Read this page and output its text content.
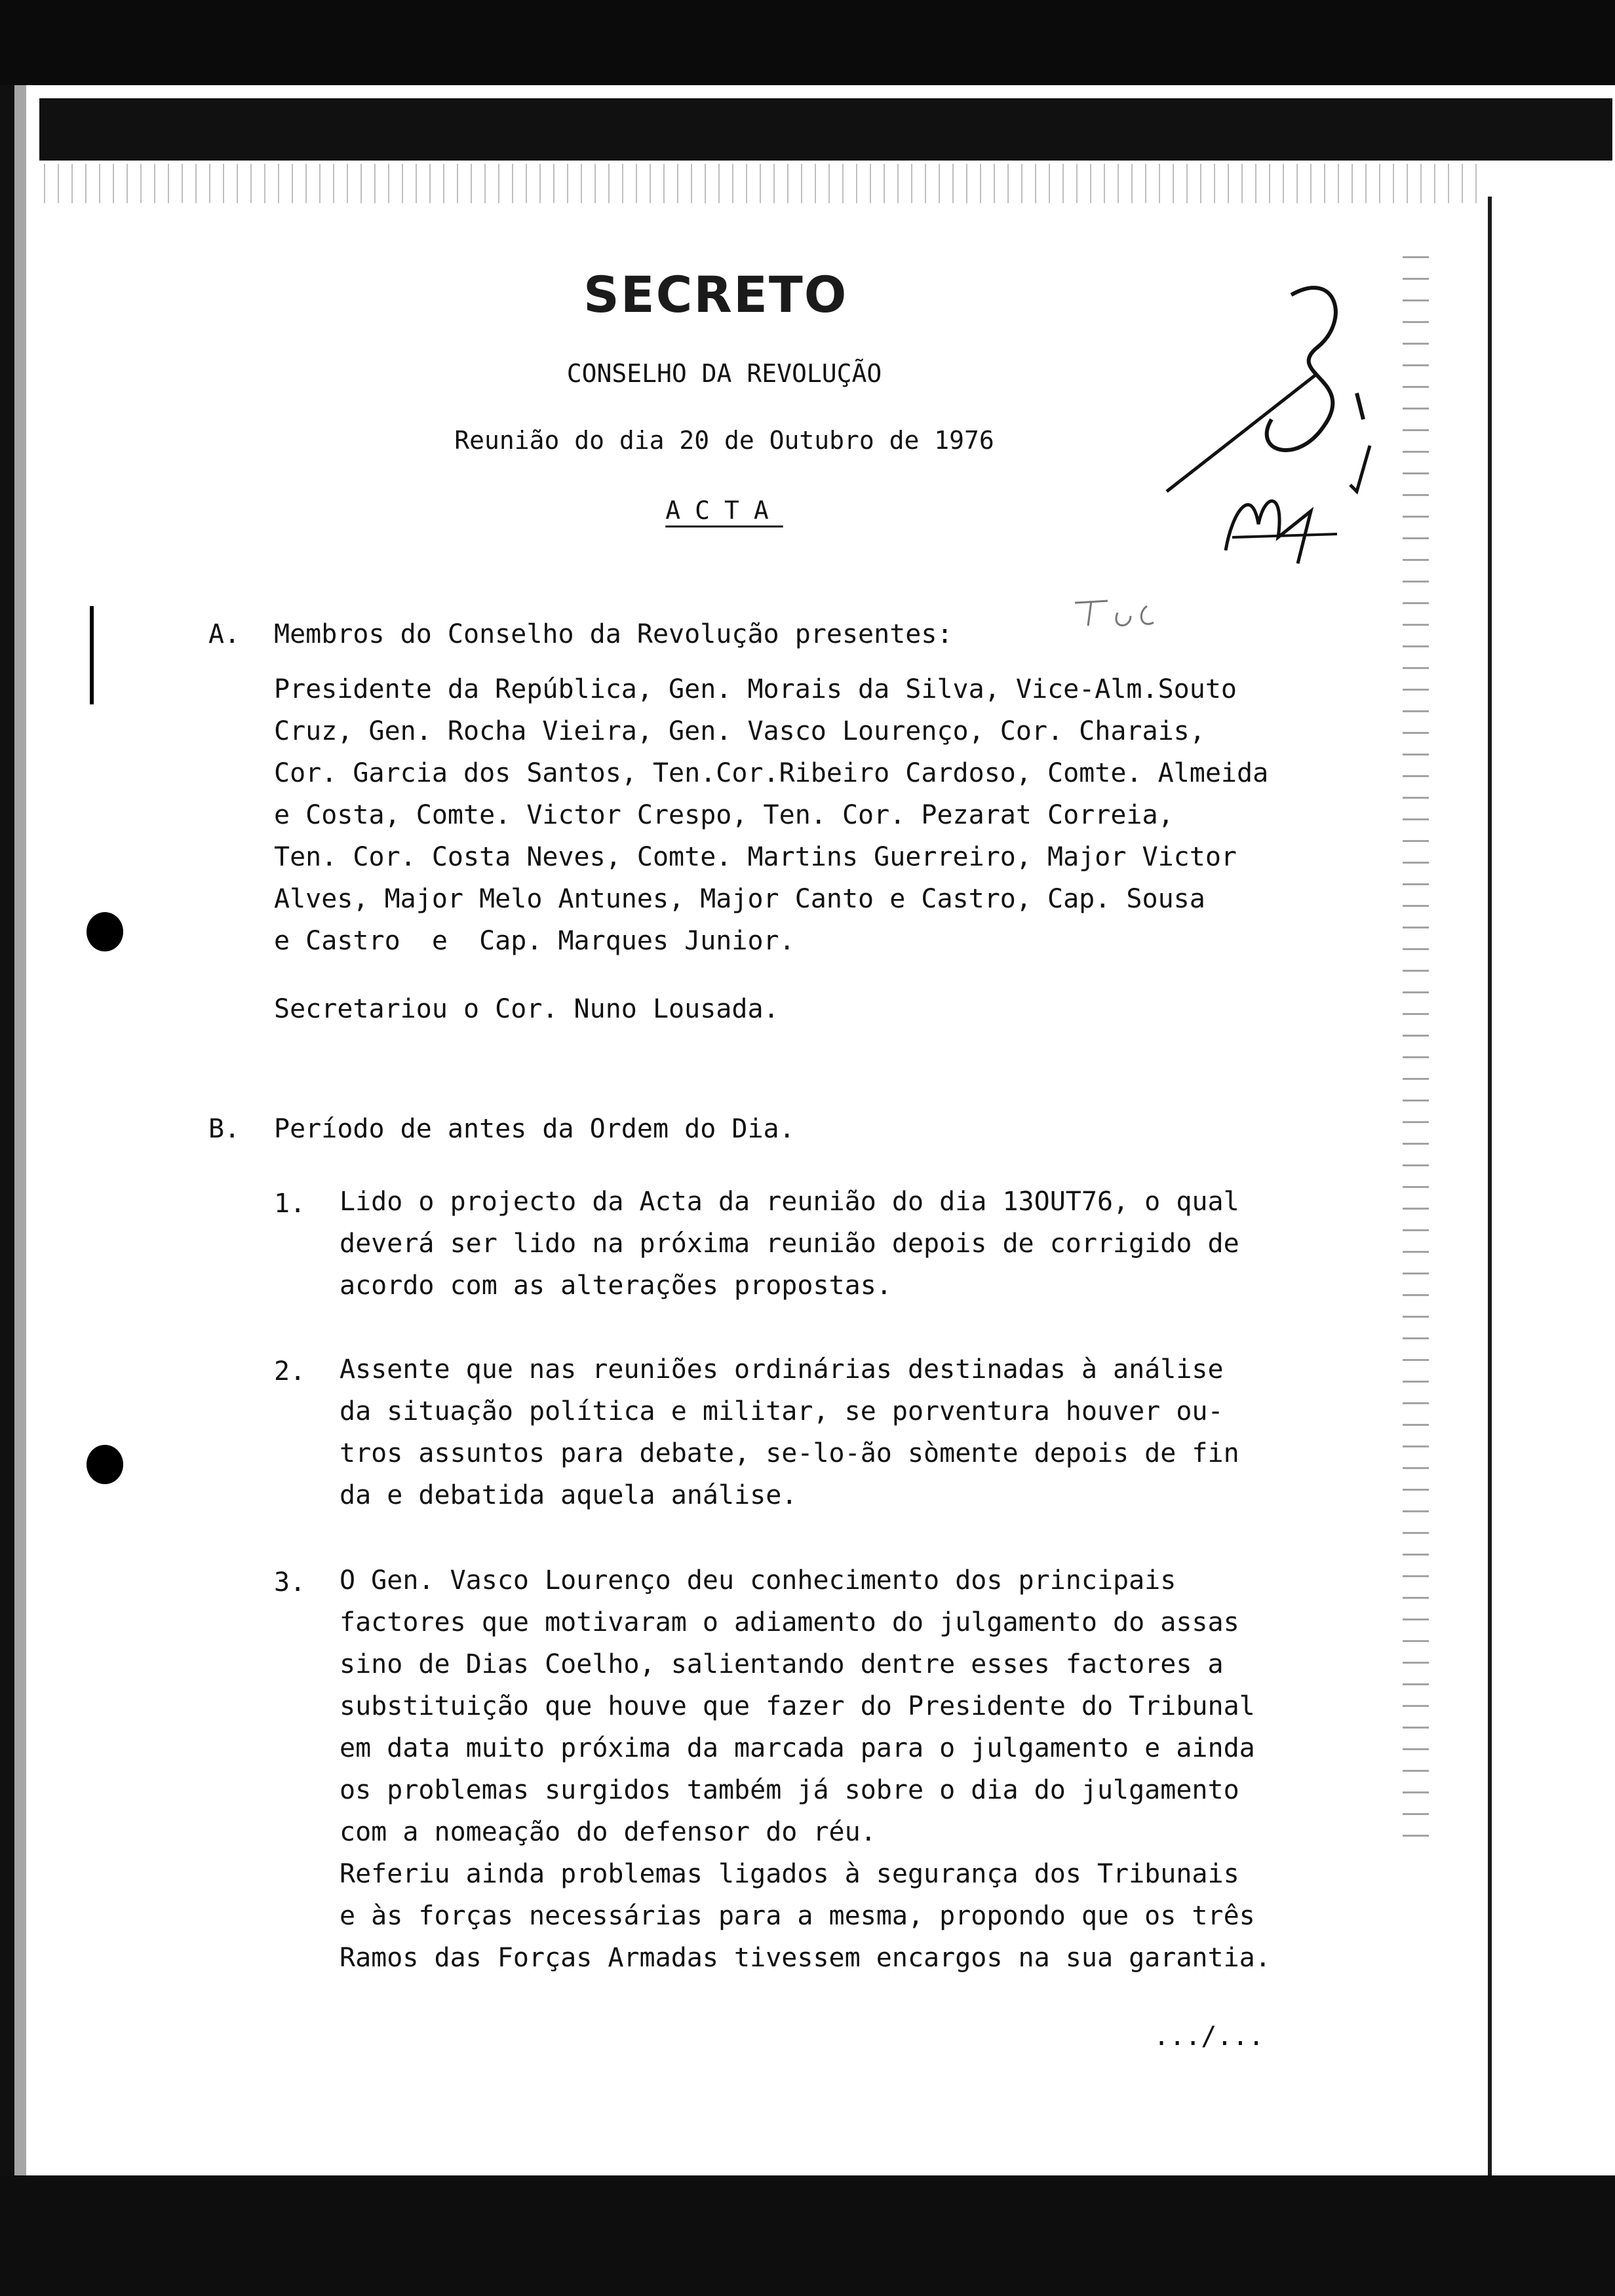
SECRETO
CONSELHO DA REVOLUÇÃO
Reunião do dia 20 de Outubro de 1976
ACTA
A. Membros do Conselho da Revolução presentes:
Presidente da República, Gen. Morais da Silva, Vice-Alm.Souto
Cruz, Gen. Rocha Vieira, Gen. Vasco Lourenço, Cor. Charais,
Cor. Garcia dos Santos, Ten.Cor.Ribeiro Cardoso, Comte. Almeida
e Costa, Comte. Victor Crespo, Ten. Cor. Pezarat Correia,
Ten. Cor. Costa Neves, Comte. Martins Guerreiro, Major Victor
Alves, Major Melo Antunes, Major Canto e Castro, Cap. Sousa
e Castro  e  Cap. Marques Junior.
Secretariou o Cor. Nuno Lousada.
B. Período de antes da Ordem do Dia.
1. Lido o projecto da Acta da reunião do dia 13OUT76, o qual
deverá ser lido na próxima reunião depois de corrigido de
acordo com as alterações propostas.
2. Assente que nas reuniões ordinárias destinadas à análise
da situação política e militar, se porventura houver ou-
tros assuntos para debate, se-lo-ão sòmente depois de fin
da e debatida aquela análise.
3. O Gen. Vasco Lourenço deu conhecimento dos principais
factores que motivaram o adiamento do julgamento do assas
sino de Dias Coelho, salientando dentre esses factores a
substituição que houve que fazer do Presidente do Tribunal
em data muito próxima da marcada para o julgamento e ainda
os problemas surgidos também já sobre o dia do julgamento
com a nomeação do defensor do réu.
Referiu ainda problemas ligados à segurança dos Tribunais
e às forças necessárias para a mesma, propondo que os três
Ramos das Forças Armadas tivessem encargos na sua garantia.
.../...
